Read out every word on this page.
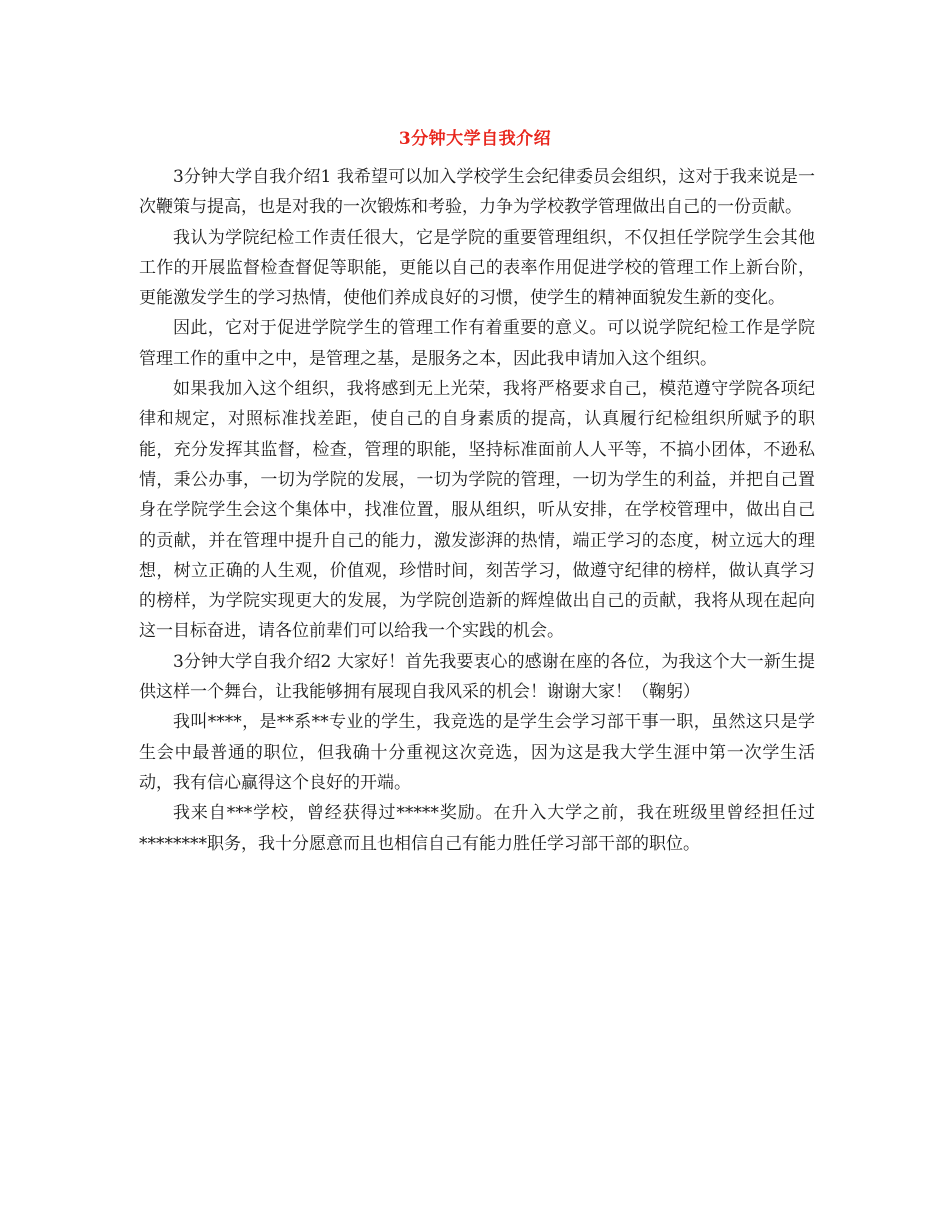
3分钟大学自我介绍

3分钟大学自我介绍1 我希望可以加入学校学生会纪律委员会组织，这对于我来说是一次鞭策与提高，也是对我的一次锻炼和考验，力争为学校教学管理做出自己的一份贡献。

我认为学院纪检工作责任很大，它是学院的重要管理组织，不仅担任学院学生会其他工作的开展监督检查督促等职能，更能以自己的表率作用促进学校的管理工作上新台阶，更能激发学生的学习热情，使他们养成良好的习惯，使学生的精神面貌发生新的变化。

因此，它对于促进学院学生的管理工作有着重要的意义。可以说学院纪检工作是学院管理工作的重中之中，是管理之基，是服务之本，因此我申请加入这个组织。

如果我加入这个组织，我将感到无上光荣，我将严格要求自己，模范遵守学院各项纪律和规定，对照标准找差距，使自己的自身素质的提高，认真履行纪检组织所赋予的职能，充分发挥其监督，检查，管理的职能，坚持标准面前人人平等，不搞小团体，不逊私情，秉公办事，一切为学院的发展，一切为学院的管理，一切为学生的利益，并把自己置身在学院学生会这个集体中，找准位置，服从组织，听从安排，在学校管理中，做出自己的贡献，并在管理中提升自己的能力，激发澎湃的热情，端正学习的态度，树立远大的理想，树立正确的人生观，价值观，珍惜时间，刻苦学习，做遵守纪律的榜样，做认真学习的榜样，为学院实现更大的发展，为学院创造新的辉煌做出自己的贡献，我将从现在起向这一目标奋进，请各位前辈们可以给我一个实践的机会。

3分钟大学自我介绍2 大家好！首先我要衷心的感谢在座的各位，为我这个大一新生提供这样一个舞台，让我能够拥有展现自我风采的机会！谢谢大家！（鞠躬）

我叫****，是**系**专业的学生，我竞选的是学生会学习部干事一职，虽然这只是学生会中最普通的职位，但我确十分重视这次竞选，因为这是我大学生涯中第一次学生活动，我有信心赢得这个良好的开端。

我来自***学校，曾经获得过*****奖励。在升入大学之前，我在班级里曾经担任过********职务，我十分愿意而且也相信自己有能力胜任学习部干部的职位。
